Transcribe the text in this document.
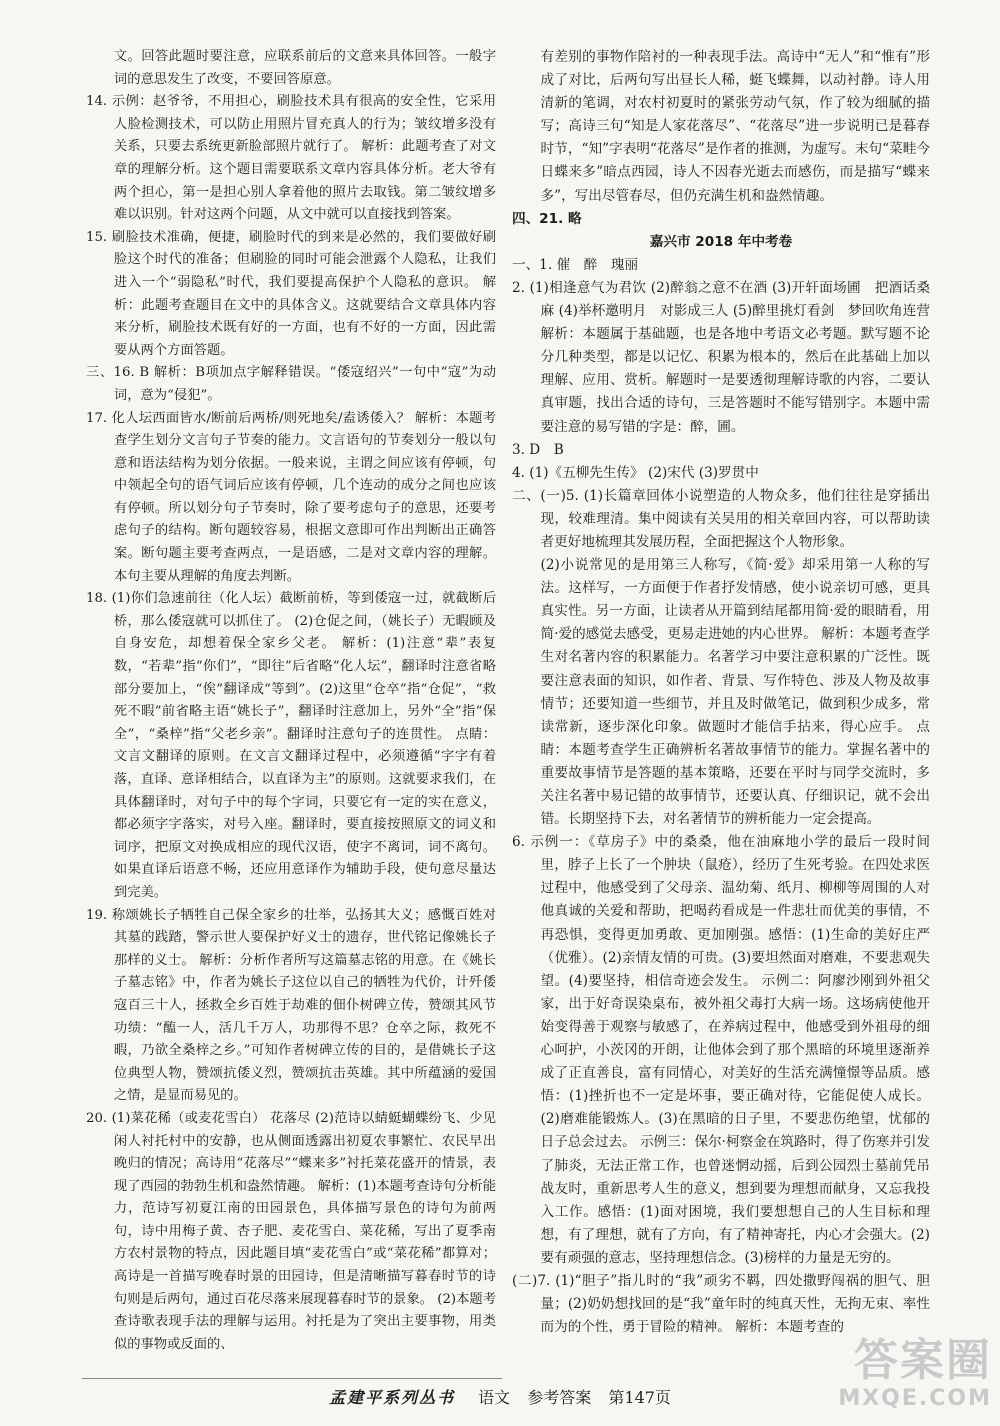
文。回答此题时要注意，应联系前后的文意来具体回答。一般字词的意思发生了改变，不要回答原意。

14. 示例：赵爷爷，不用担心，刷脸技术具有很高的安全性，它采用人脸检测技术，可以防止用照片冒充真人的行为；皱纹增多没有关系，只要去系统更新脸部照片就行了。 解析：此题考查了对文章的理解分析。这个题目需要联系文章内容具体分析。老大爷有两个担心，第一是担心别人拿着他的照片去取钱。第二皱纹增多难以识别。针对这两个问题，从文中就可以直接找到答案。

15. 刷脸技术准确，便捷，刷脸时代的到来是必然的，我们要做好刷脸这个时代的准备；但刷脸的同时可能会泄露个人隐私，让我们进入一个“弱隐私”时代，我们要提高保护个人隐私的意识。 解析：此题考查题目在文中的具体含义。这就要结合文章具体内容来分析，刷脸技术既有好的一方面，也有不好的一方面，因此需要从两个方面答题。

三、16. B 解析：B项加点字解释错误。“倭寇绍兴”一句中“寇”为动词，意为“侵犯”。

17. 化人坛西面皆水/断前后两桥/则死地矣/盍诱倭入？ 解析：本题考查学生划分文言句子节奏的能力。文言语句的节奏划分一般以句意和语法结构为划分依据。一般来说，主谓之间应该有停顿，句中领起全句的语气词后应该有停顿，几个连动的成分之间也应该有停顿。所以划分句子节奏时，除了要考虑句子的意思，还要考虑句子的结构。断句题较容易，根据文意即可作出判断出正确答案。断句题主要考查两点，一是语感，二是对文章内容的理解。本句主要从理解的角度去判断。

18. (1)你们急速前往（化人坛）截断前桥，等到倭寇一过，就截断后桥，那么倭寇就可以抓住了。 (2)仓促之间，（姚长子）无暇顾及自身安危，却想着保全家乡父老。 解析：(1)注意“辈”表复数，“若辈”指“你们”，“即往”后省略“化人坛”，翻译时注意省略部分要加上，“俟”翻译成“等到”。(2)这里“仓卒”指“仓促”，“救死不暇”前省略主语“姚长子”，翻译时注意加上，另外“全”指“保全”，“桑梓”指“父老乡亲”。翻译时注意句子的连贯性。 点睛：文言文翻译的原则。在文言文翻译过程中，必须遵循“字字有着落，直译、意译相结合，以直译为主”的原则。这就要求我们，在具体翻译时，对句子中的每个字词，只要它有一定的实在意义，都必须字字落实，对号入座。翻译时，要直接按照原文的词义和词序，把原文对换成相应的现代汉语，使字不离词，词不离句。如果直译后语意不畅，还应用意译作为辅助手段，使句意尽量达到完美。

19. 称颂姚长子牺牲自己保全家乡的壮举，弘扬其大义；感慨百姓对其墓的践踏，警示世人要保护好义士的遗存，世代铭记像姚长子那样的义士。 解析：分析作者所写这篇墓志铭的用意。在《姚长子墓志铭》中，作者为姚长子这位以自己的牺牲为代价，计歼倭寇百三十人，拯救全乡百姓于劫难的佃仆树碑立传，赞颂其风节功绩：“醢一人，活几千万人，功那得不思？仓卒之际，救死不暇，乃欲全桑梓之乡。”可知作者树碑立传的目的，是借姚长子这位典型人物，赞颂抗倭义烈，赞颂抗击英雄。其中所蕴涵的爱国之情，是显而易见的。

20. (1)菜花稀（或麦花雪白） 花落尽 (2)范诗以蜻蜓蝴蝶纷飞、少见闲人衬托村中的安静，也从侧面透露出初夏农事繁忙、农民早出晚归的情况；高诗用“花落尽”“蝶来多”衬托菜花盛开的情景，表现了西园的勃勃生机和盎然情趣。 解析：(1)本题考查诗句分析能力，范诗写初夏江南的田园景色，具体描写景色的诗句为前两句，诗中用梅子黄、杏子肥、麦花雪白、菜花稀，写出了夏季南方农村景物的特点，因此题目填“麦花雪白”或“菜花稀”都算对；高诗是一首描写晚春时景的田园诗，但是清晰描写暮春时节的诗句则是后两句，通过百花尽落来展现暮春时节的景象。 (2)本题考查诗歌表现手法的理解与运用。衬托是为了突出主要事物，用类似的事物或反面的、

有差别的事物作陪衬的一种表现手法。高诗中“无人”和“惟有”形成了对比，后两句写出昼长人稀，蜓飞蝶舞，以动衬静。诗人用清新的笔调，对农村初夏时的紧张劳动气氛，作了较为细腻的描写；高诗三句“知是人家花落尽”、“花落尽”进一步说明已是暮春时节，“知”字表明“花落尽”是作者的推测，为虚写。末句“菜畦今日蝶来多”暗点西园，诗人不因春光逝去而感伤，而是描写“蝶来多”，写出尽管春尽，但仍充满生机和盎然情趣。

四、21. 略

嘉兴市 2018 年中考卷

一、1. 催　醉　瑰丽

2. (1)相逢意气为君饮 (2)醉翁之意不在酒 (3)开轩面场圃　把酒话桑麻 (4)举杯邀明月　对影成三人 (5)醉里挑灯看剑　梦回吹角连营 解析：本题属于基础题，也是各地中考语文必考题。默写题不论分几种类型，都是以记忆、积累为根本的，然后在此基础上加以理解、应用、赏析。解题时一是要透彻理解诗歌的内容，二要认真审题，找出合适的诗句，三是答题时不能写错别字。本题中需要注意的易写错的字是：醉，圃。

3. D　B

4. (1)《五柳先生传》 (2)宋代 (3)罗贯中

二、(一)5. (1)长篇章回体小说塑造的人物众多，他们往往是穿插出现，较难理清。集中阅读有关吴用的相关章回内容，可以帮助读者更好地梳理其发展历程，全面把握这个人物形象。

(2)小说常见的是用第三人称写，《简·爱》却采用第一人称的写法。这样写，一方面便于作者抒发情感，使小说亲切可感，更具真实性。另一方面，让读者从开篇到结尾都用简·爱的眼睛看，用简·爱的感觉去感受，更易走进她的内心世界。 解析：本题考查学生对名著内容的积累能力。名著学习中要注意积累的广泛性。既要注意表面的知识，如作者、背景、写作特色、涉及人物及故事情节；还要知道一些细节，并且及时做笔记，做到积少成多，常读常新，逐步深化印象。做题时才能信手拈来，得心应手。 点睛：本题考查学生正确辨析名著故事情节的能力。掌握名著中的重要故事情节是答题的基本策略，还要在平时与同学交流时，多关注名著中易记错的故事情节，还要认真、仔细识记，就不会出错。长期坚持下去，对名著情节的辨析能力一定会提高。

6. 示例一：《草房子》中的桑桑，他在油麻地小学的最后一段时间里，脖子上长了一个肿块（鼠疮），经历了生死考验。在四处求医过程中，他感受到了父母亲、温幼菊、纸月、柳柳等周围的人对他真诚的关爱和帮助，把喝药看成是一件悲壮而优美的事情，不再恐惧，变得更加勇敢、更加刚强。感悟：(1)生命的美好庄严（优雅）。(2)亲情友情的可贵。(3)要坦然面对磨难，不要悲观失望。(4)要坚持，相信奇迹会发生。 示例二：阿廖沙刚到外祖父家，出于好奇误染桌布，被外祖父毒打大病一场。这场病使他开始变得善于观察与敏感了，在养病过程中，他感受到外祖母的细心呵护，小茨冈的开朗，让他体会到了那个黑暗的环境里逐渐养成了正直善良，富有同情心，对美好的生活充满憧憬等品质。感悟：(1)挫折也不一定是坏事，要正确对待，它能促使人成长。(2)磨难能锻炼人。(3)在黑暗的日子里，不要悲伤绝望，忧郁的日子总会过去。 示例三：保尔·柯察金在筑路时，得了伤寒并引发了肺炎，无法正常工作，也曾迷惘动摇，后到公园烈士墓前凭吊战友时，重新思考人生的意义，想到要为理想而献身，又忘我投入工作。感悟：(1)面对困境，我们要想想自己的人生目标和理想，有了理想，就有了方向，有了精神寄托，内心才会强大。(2)要有顽强的意志，坚持理想信念。(3)榜样的力量是无穷的。

(二)7. (1)“胆子”指儿时的“我”顽劣不羁，四处撒野闯祸的胆气、胆量；(2)奶奶想找回的是“我”童年时的纯真天性，无拘无束、率性而为的个性，勇于冒险的精神。 解析：本题考查的

孟建平系列丛书 语文 参考答案 第147页
答案圈
MXQE.COM
